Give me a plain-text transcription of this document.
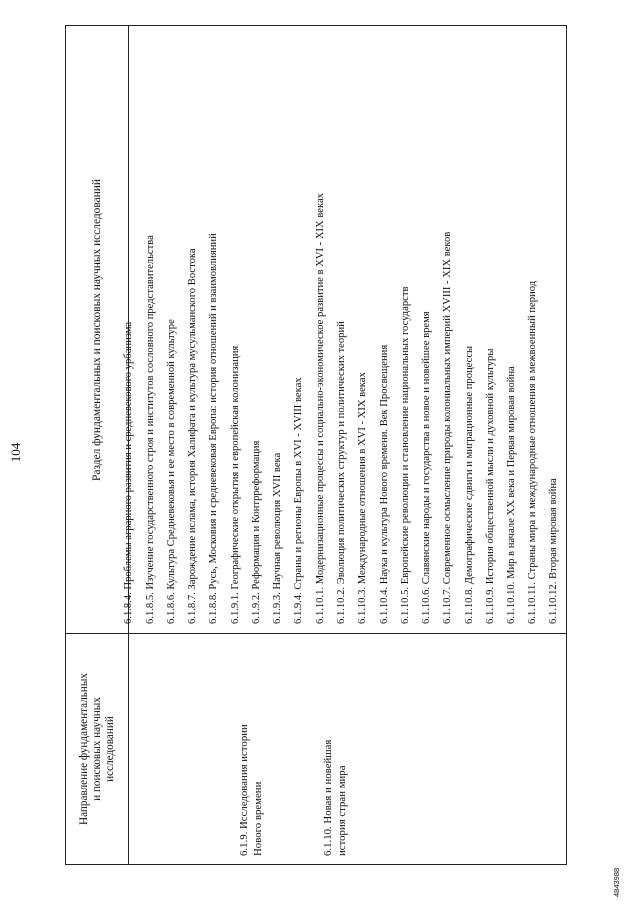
104
Направление фундаментальных и поисковых научных исследований
Раздел фундаментальных и поисковых научных исследований
6.1.9. Исследования истории Нового времени	6.1.10. Новая и новейшая история стран мира
6.1.8.4. Проблемы аграрного развития и средневекового урбанизма 6.1.8.5. Изучение государственного строя и институтов сословного представительства 6.1.8.6. Культура Средневековья и ее место в современной культуре 6.1.8.7. Зарождение ислама, история Халифата и культура мусульманского Востока 6.1.8.8. Русь, Московия и средневековая Европа: история отношений и взаимовлияний 6.1.9.1. Географические открытия и европейская колонизация 6.1.9.2. Реформация и Контрреформация 6.1.9.3. Научная революция XVII века 6.1.9.4. Страны и регионы Европы в XVI - XVIII веках 6.1.10.1. Модернизационные процессы и социально-экономическое развитие в XVI - XIX веках 6.1.10.2. Эволюция политических структур и политических теорий 6.1.10.3. Международные отношения в XVI - XIX веках 6.1.10.4. Наука и культура Нового времени. Век Просвещения 6.1.10.5. Европейские революции и становление национальных государств 6.1.10.6. Славянские народы и государства в новое и новейшее время 6.1.10.7. Современное осмысление природы колониальных империй XVIII - XIX веков 6.1.10.8. Демографические сдвиги и миграционные процессы 6.1.10.9. История общественной мысли и духовной культуры 6.1.10.10. Мир в начале XX века и Первая мировая война 6.1.10.11. Страны мира и международные отношения в межвоенный период 6.1.10.12. Вторая мировая война
4843988
